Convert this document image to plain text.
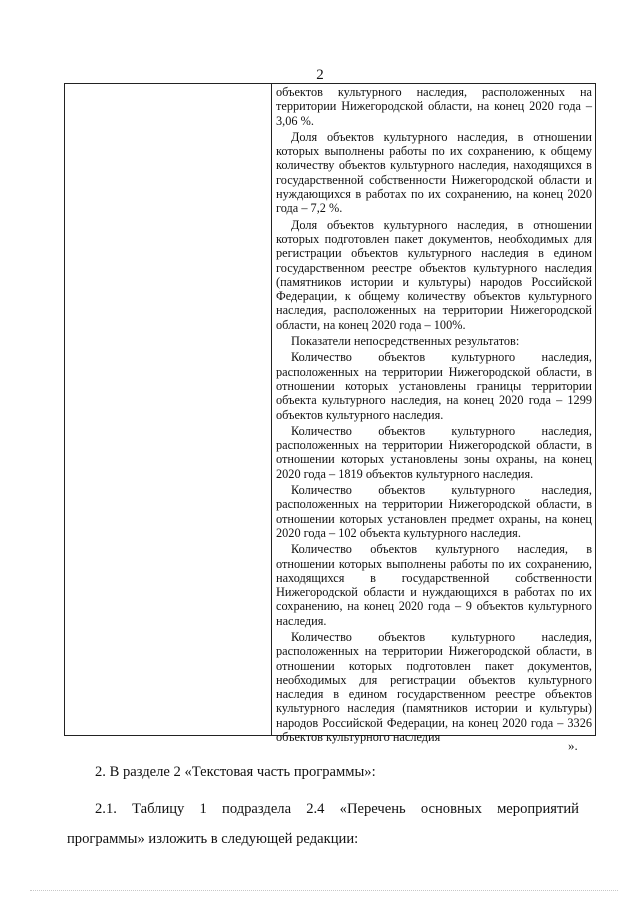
2

объектов культурного наследия, расположенных на территории Нижегородской области, на конец 2020 года – 3,06 %.

Доля объектов культурного наследия, в отношении которых выполнены работы по их сохранению, к общему количеству объектов культурного наследия, находящихся в государственной собственности Нижегородской области и нуждающихся в работах по их сохранению, на конец 2020 года – 7,2 %.

Доля объектов культурного наследия, в отношении которых подготовлен пакет документов, необходимых для регистрации объектов культурного наследия в едином государственном реестре объектов культурного наследия (памятников истории и культуры) народов Российской Федерации, к общему количеству объектов культурного наследия, расположенных на территории Нижегородской области, на конец 2020 года – 100%.

Показатели непосредственных результатов:

Количество объектов культурного наследия, расположенных на территории Нижегородской области, в отношении которых установлены границы территории объекта культурного наследия, на конец 2020 года – 1299 объектов культурного наследия.

Количество объектов культурного наследия, расположенных на территории Нижегородской области, в отношении которых установлены зоны охраны, на конец 2020 года – 1819 объектов культурного наследия.

Количество объектов культурного наследия, расположенных на территории Нижегородской области, в отношении которых установлен предмет охраны, на конец 2020 года – 102 объекта культурного наследия.

Количество объектов культурного наследия, в отношении которых выполнены работы по их сохранению, находящихся в государственной собственности Нижегородской области и нуждающихся в работах по их сохранению, на конец 2020 года – 9 объектов культурного наследия.

Количество объектов культурного наследия, расположенных на территории Нижегородской области, в отношении которых подготовлен пакет документов, необходимых для регистрации объектов культурного наследия в едином государственном реестре объектов культурного наследия (памятников истории и культуры) народов Российской Федерации, на конец 2020 года – 3326 объектов культурного наследия

».
2. В разделе 2 «Текстовая часть программы»:
2.1. Таблицу 1 подраздела 2.4 «Перечень основных мероприятий программы» изложить в следующей редакции:
